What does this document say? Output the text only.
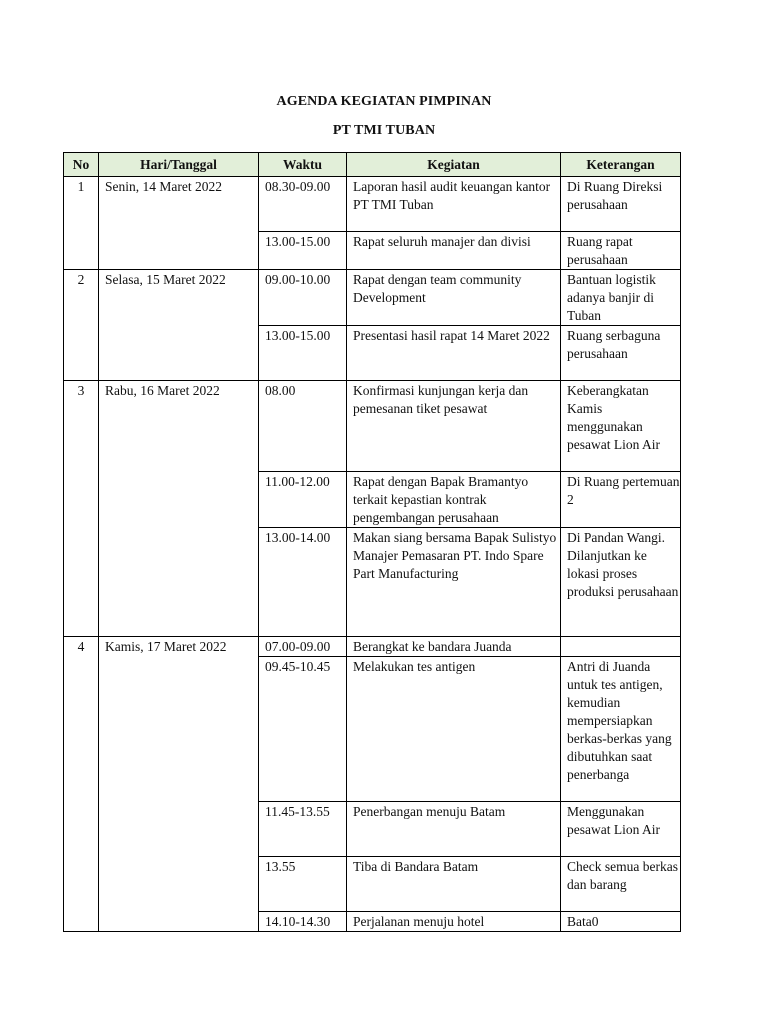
AGENDA KEGIATAN PIMPINAN
PT TMI TUBAN
No	Hari/Tanggal	Waktu	Kegiatan	Keterangan
1	Senin, 14 Maret 2022	08.30-09.00	Laporan hasil audit keuangan kantor PT TMI Tuban	Di Ruang Direksi perusahaan
		13.00-15.00	Rapat seluruh manajer dan divisi	Ruang rapat perusahaan
2	Selasa, 15 Maret 2022	09.00-10.00	Rapat dengan team community Development	Bantuan logistik adanya banjir di Tuban
		13.00-15.00	Presentasi hasil rapat 14 Maret 2022	Ruang serbaguna perusahaan
3	Rabu, 16 Maret 2022	08.00	Konfirmasi kunjungan kerja dan pemesanan tiket pesawat	Keberangkatan Kamis menggunakan pesawat Lion Air
		11.00-12.00	Rapat dengan Bapak Bramantyo terkait kepastian kontrak pengembangan perusahaan	Di Ruang pertemuan 2
		13.00-14.00	Makan siang bersama Bapak Sulistyo Manajer Pemasaran PT. Indo Spare Part Manufacturing	Di Pandan Wangi. Dilanjutkan ke lokasi proses produksi perusahaan
4	Kamis, 17 Maret 2022	07.00-09.00	Berangkat ke bandara Juanda	
		09.45-10.45	Melakukan tes antigen	Antri di Juanda untuk tes antigen, kemudian mempersiapkan berkas-berkas yang dibutuhkan saat penerbanga
		11.45-13.55	Penerbangan menuju Batam	Menggunakan pesawat Lion Air
		13.55	Tiba di Bandara Batam	Check semua berkas dan barang
		14.10-14.30	Perjalanan menuju hotel	Bata0
